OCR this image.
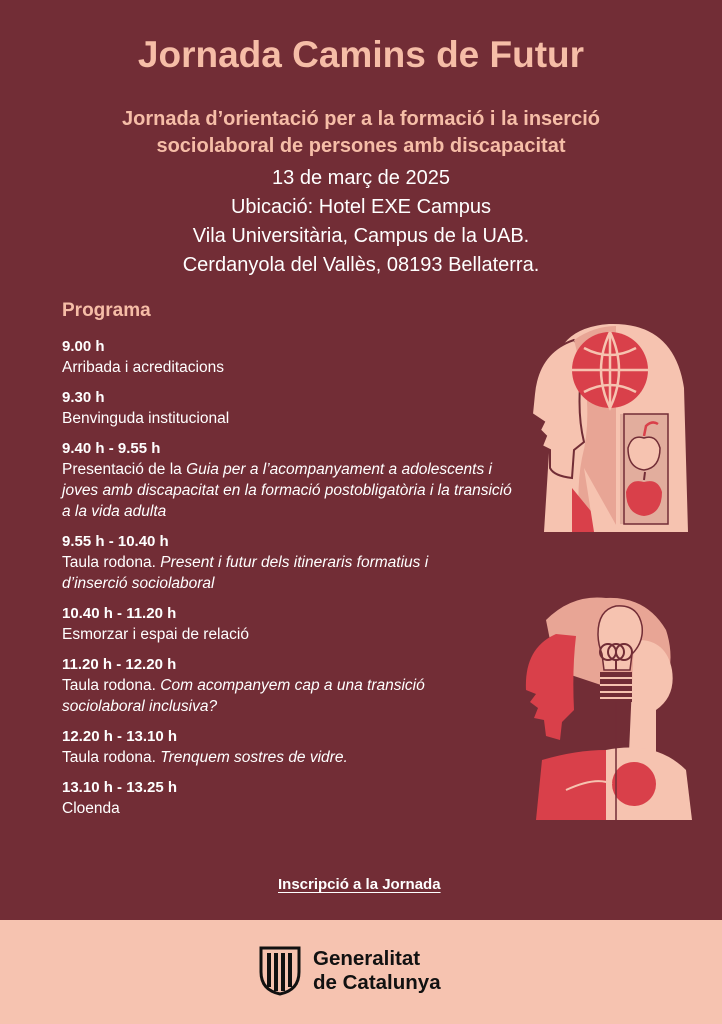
Jornada Camins de Futur
Jornada d’orientació per a la formació i la inserció
sociolaboral de persones amb discapacitat
13 de març de 2025
Ubicació: Hotel EXE Campus
Vila Universitària, Campus de la UAB.
Cerdanyola del Vallès, 08193 Bellaterra.
Programa
9.00 h
Arribada i acreditacions
9.30 h
Benvinguda institucional
9.40 h - 9.55 h
Presentació de la Guia per a l’acompanyament a adolescents i joves amb discapacitat en la formació postobligatòria i la transició a la vida adulta
9.55 h - 10.40 h
Taula rodona. Present i futur dels itineraris formatius i d’inserció sociolaboral
10.40 h - 11.20 h
Esmorzar i espai de relació
11.20 h - 12.20 h
Taula rodona. Com acompanyem cap a una transició sociolaboral inclusiva?
12.20 h - 13.10 h
Taula rodona. Trenquem sostres de vidre.
13.10 h - 13.25 h
Cloenda
Inscripció a la Jornada
Generalitat
de Catalunya
